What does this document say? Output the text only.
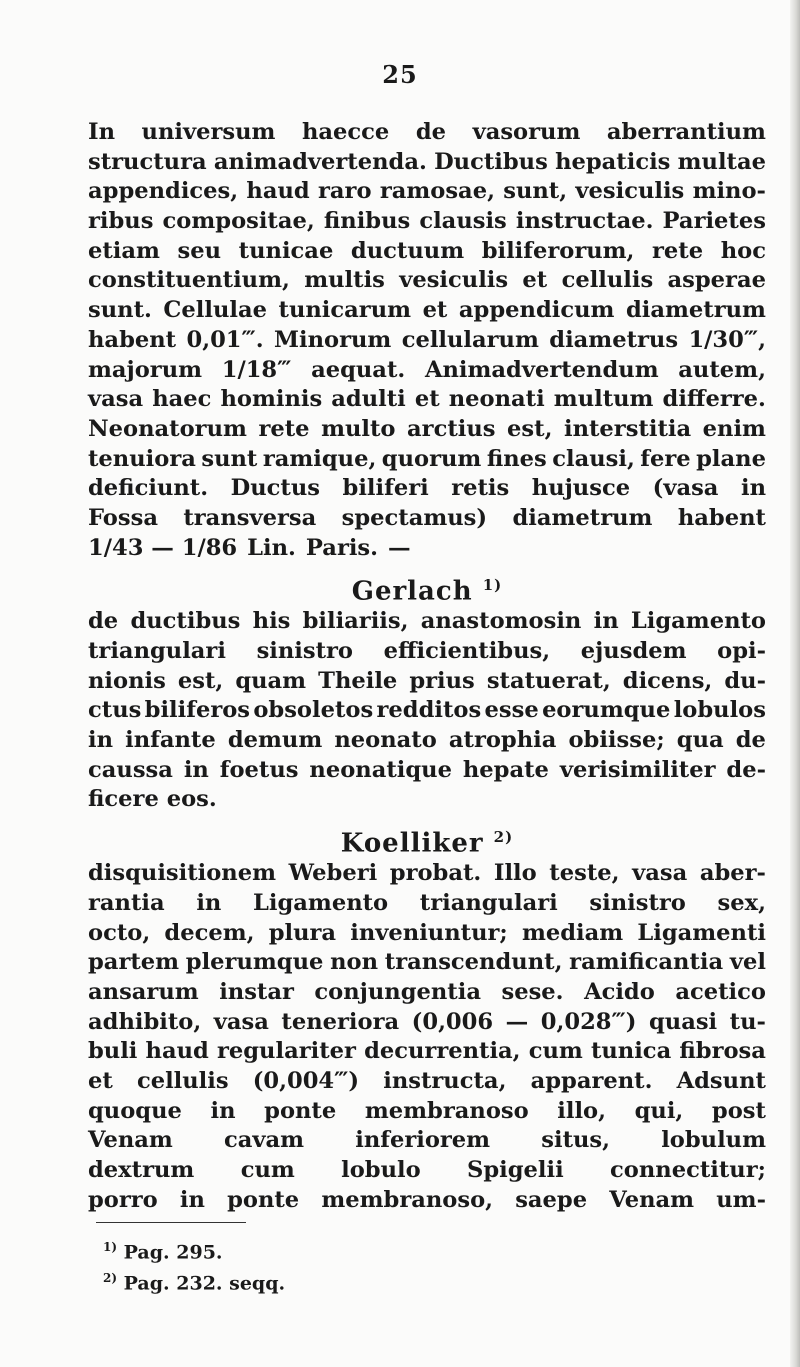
25
In universum haecce de vasorum aberrantium
structura animadvertenda. Ductibus hepaticis multae
appendices, haud raro ramosae, sunt, vesiculis mino-
ribus compositae, finibus clausis instructae. Parietes
etiam seu tunicae ductuum biliferorum, rete hoc
constituentium, multis vesiculis et cellulis asperae
sunt. Cellulae tunicarum et appendicum diametrum
habent 0,01‴. Minorum cellularum diametrus 1/30‴,
majorum 1/18‴ aequat. Animadvertendum autem,
vasa haec hominis adulti et neonati multum differre.
Neonatorum rete multo arctius est, interstitia enim
tenuiora sunt ramique, quorum fines clausi, fere plane
deficiunt. Ductus biliferi retis hujusce (vasa in
Fossa transversa spectamus) diametrum habent
1/43 — 1/86 Lin. Paris. —
Gerlach $^{1)}$
de ductibus his biliariis, anastomosin in Ligamento
triangulari sinistro efficientibus, ejusdem opi-
nionis est, quam Theile prius statuerat, dicens, du-
ctus biliferos obsoletos redditos esse eorumque lobulos
in infante demum neonato atrophia obiisse; qua de
caussa in foetus neonatique hepate verisimiliter de-
ficere eos.
Koelliker $^{2)}$
disquisitionem Weberi probat. Illo teste, vasa aber-
rantia in Ligamento triangulari sinistro sex,
octo, decem, plura inveniuntur; mediam Ligamenti
partem plerumque non transcendunt, ramificantia vel
ansarum instar conjungentia sese. Acido acetico
adhibito, vasa teneriora (0,006 — 0,028‴) quasi tu-
buli haud regulariter decurrentia, cum tunica fibrosa
et cellulis (0,004‴) instructa, apparent. Adsunt
quoque in ponte membranoso illo, qui, post
Venam cavam inferiorem situs, lobulum
dextrum cum lobulo Spigelii connectitur;
porro in ponte membranoso, saepe Venam um-
$^{1)}$ Pag. 295.
$^{2)}$ Pag. 232. seqq.
